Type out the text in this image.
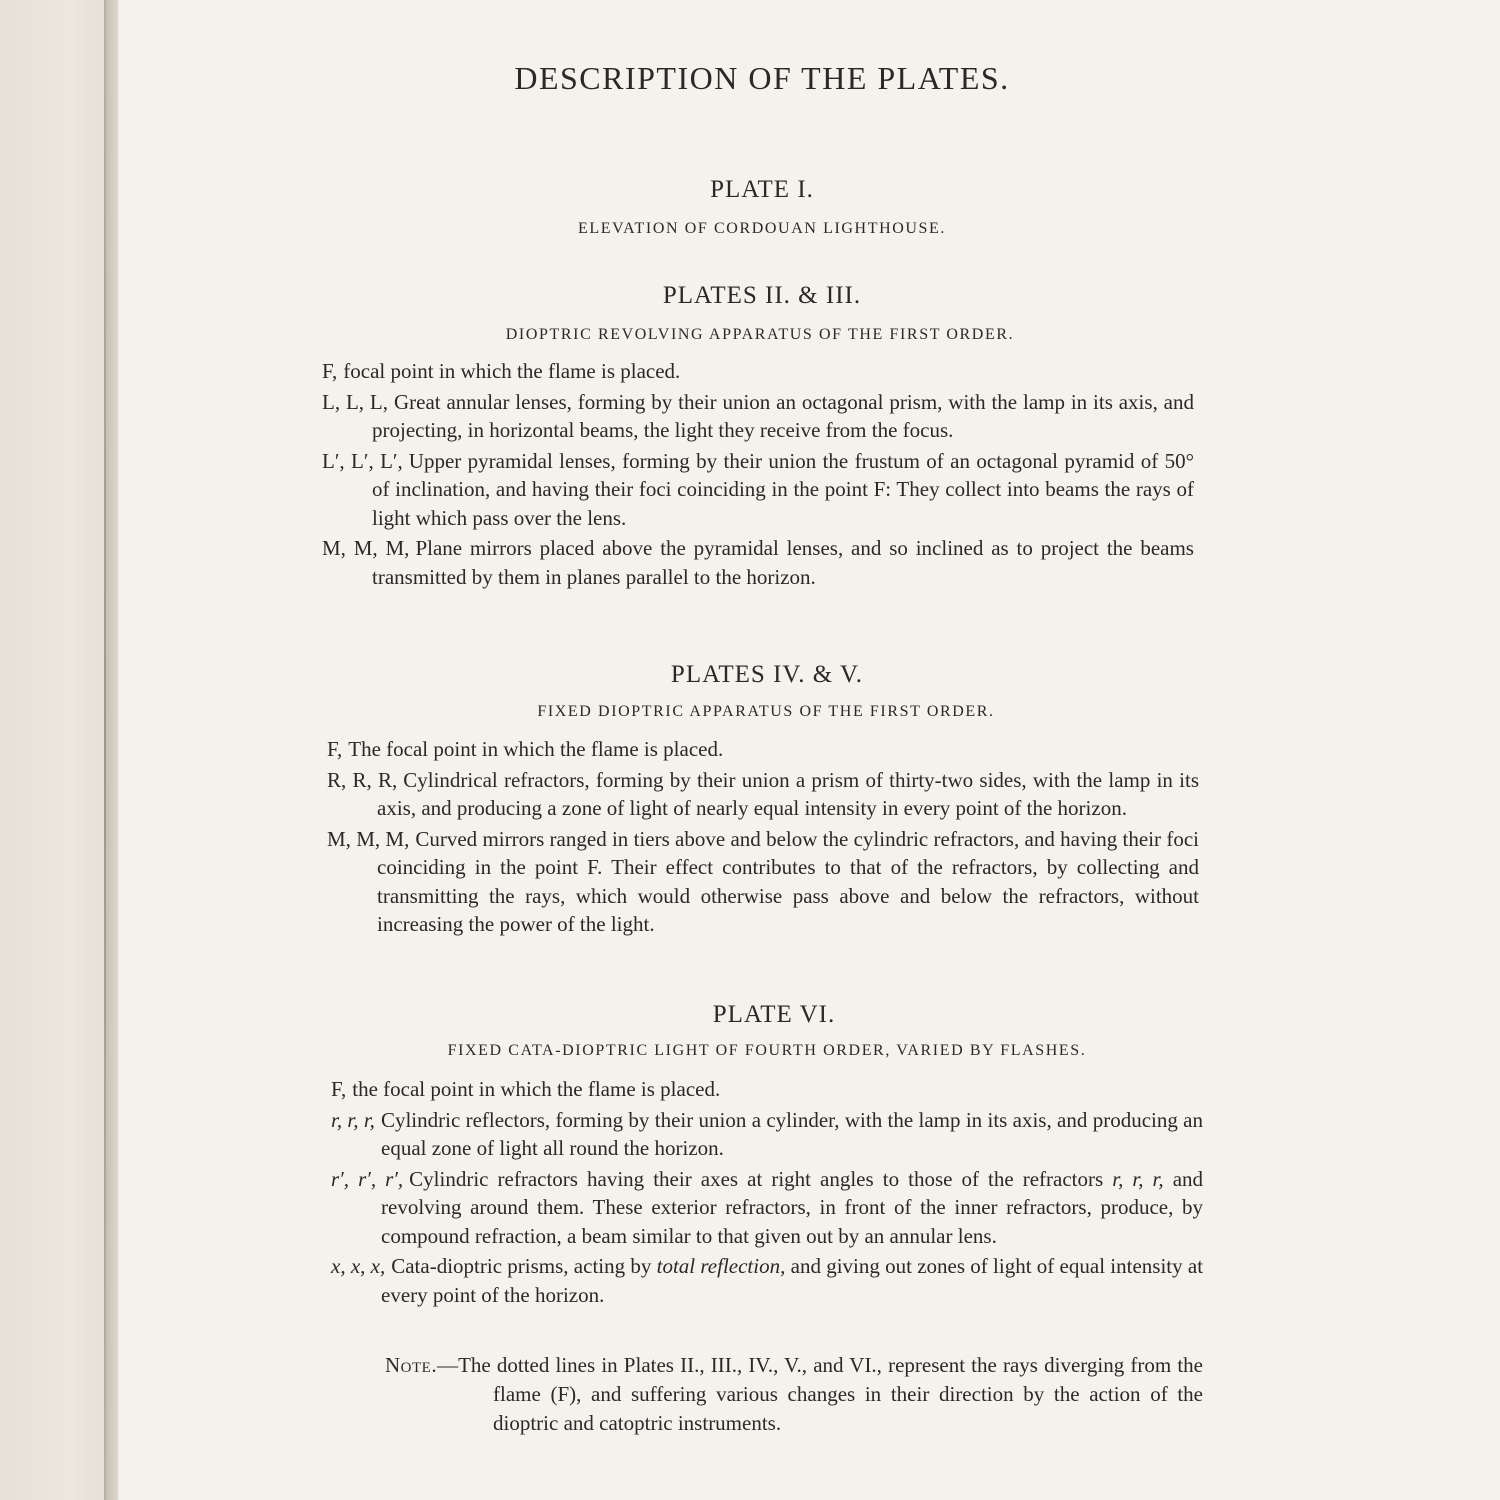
DESCRIPTION OF THE PLATES.
PLATE I.
ELEVATION OF CORDOUAN LIGHTHOUSE.
PLATES II. & III.
DIOPTRIC REVOLVING APPARATUS OF THE FIRST ORDER.
F, focal point in which the flame is placed.
L, L, L, Great annular lenses, forming by their union an octagonal prism, with the lamp in its axis, and projecting, in horizontal beams, the light they receive from the focus.
L′, L′, L′, Upper pyramidal lenses, forming by their union the frustum of an octagonal pyramid of 50° of inclination, and having their foci coinciding in the point F: They collect into beams the rays of light which pass over the lens.
M, M, M, Plane mirrors placed above the pyramidal lenses, and so inclined as to project the beams transmitted by them in planes parallel to the horizon.
PLATES IV. & V.
FIXED DIOPTRIC APPARATUS OF THE FIRST ORDER.
F, The focal point in which the flame is placed.
R, R, R, Cylindrical refractors, forming by their union a prism of thirty-two sides, with the lamp in its axis, and producing a zone of light of nearly equal intensity in every point of the horizon.
M, M, M, Curved mirrors ranged in tiers above and below the cylindric refractors, and having their foci coinciding in the point F. Their effect contributes to that of the refractors, by collecting and transmitting the rays, which would otherwise pass above and below the refractors, without increasing the power of the light.
PLATE VI.
FIXED CATA-DIOPTRIC LIGHT OF FOURTH ORDER, VARIED BY FLASHES.
F, the focal point in which the flame is placed.
r, r, r, Cylindric reflectors, forming by their union a cylinder, with the lamp in its axis, and producing an equal zone of light all round the horizon.
r′, r′, r′, Cylindric refractors having their axes at right angles to those of the refractors r, r, r, and revolving around them. These exterior refractors, in front of the inner refractors, produce, by compound refraction, a beam similar to that given out by an annular lens.
x, x, x, Cata-dioptric prisms, acting by total reflection, and giving out zones of light of equal intensity at every point of the horizon.
Note.—The dotted lines in Plates II., III., IV., V., and VI., represent the rays diverging from the flame (F), and suffering various changes in their direction by the action of the dioptric and catoptric instruments.
